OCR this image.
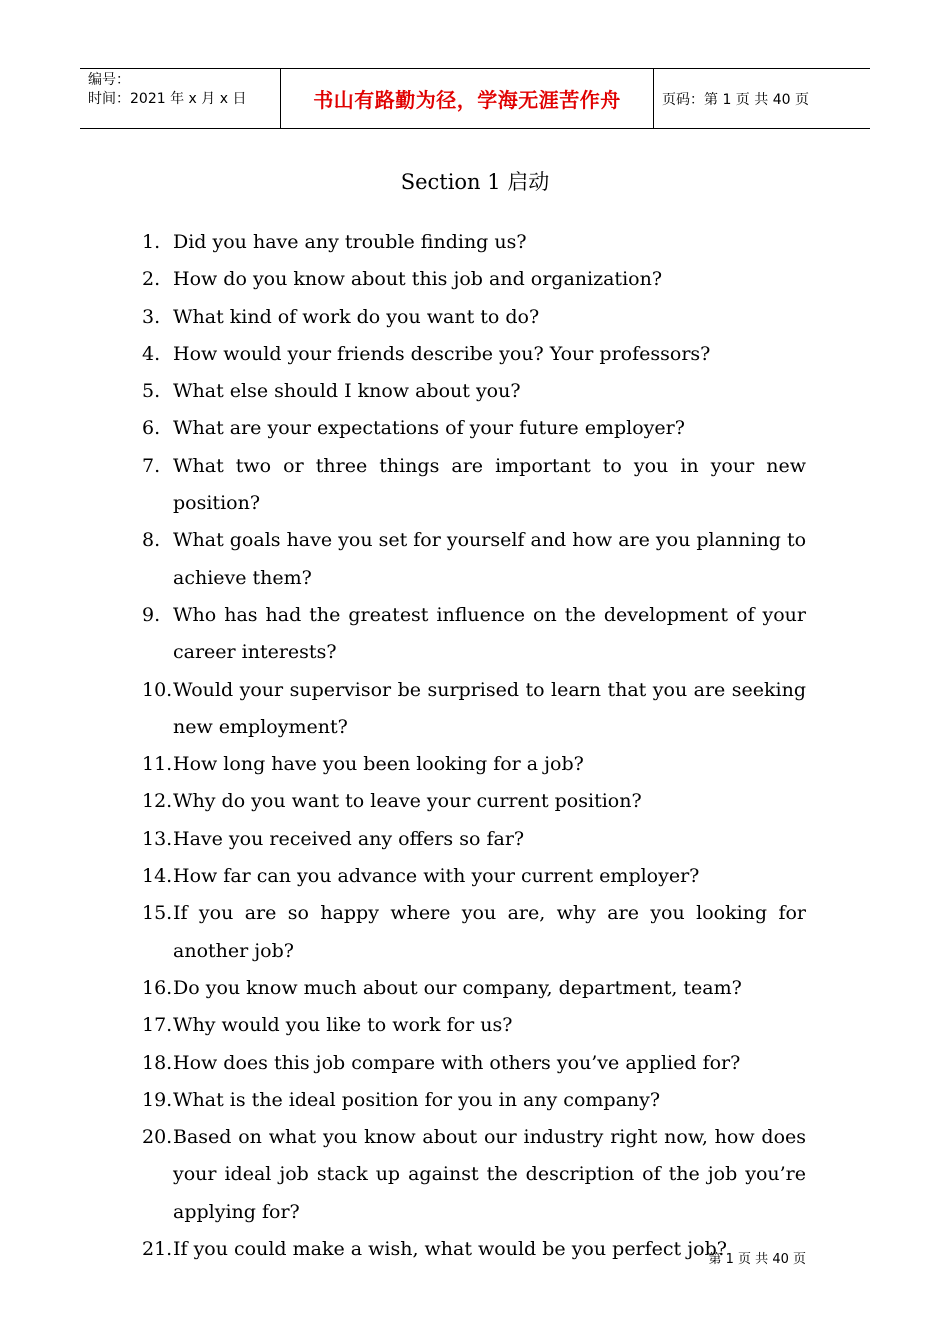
编号：
时间：2021 年 x 月 x 日	书山有路勤为径，学海无涯苦作舟	页码：第 1 页 共 40 页
Section 1 启动
1. Did you have any trouble finding us?
2. How do you know about this job and organization?
3. What kind of work do you want to do?
4. How would your friends describe you? Your professors?
5. What else should I know about you?
6. What are your expectations of your future employer?
7. What two or three things are important to you in your new position?
8. What goals have you set for yourself and how are you planning to achieve them?
9. Who has had the greatest influence on the development of your career interests?
10. Would your supervisor be surprised to learn that you are seeking new employment?
11. How long have you been looking for a job?
12. Why do you want to leave your current position?
13. Have you received any offers so far?
14. How far can you advance with your current employer?
15. If you are so happy where you are, why are you looking for another job?
16. Do you know much about our company, department, team?
17. Why would you like to work for us?
18. How does this job compare with others you’ve applied for?
19. What is the ideal position for you in any company?
20. Based on what you know about our industry right now, how does your ideal job stack up against the description of the job you’re applying for?
21. If you could make a wish, what would be you perfect job?
第 1 页 共 40 页
